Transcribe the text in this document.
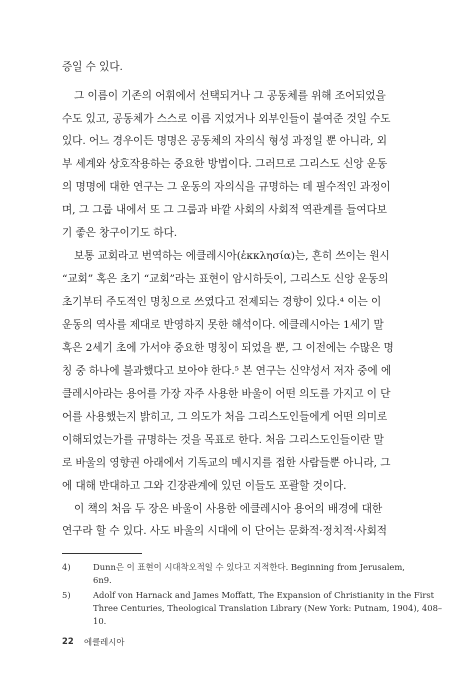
증일 수 있다.
그 이름이 기존의 어휘에서 선택되거나 그 공동체를 위해 조어되었을
수도 있고, 공동체가 스스로 이름 지었거나 외부인들이 붙여준 것일 수도
있다. 어느 경우이든 명명은 공동체의 자의식 형성 과정일 뿐 아니라, 외
부 세계와 상호작용하는 중요한 방법이다. 그러므로 그리스도 신앙 운동
의 명명에 대한 연구는 그 운동의 자의식을 규명하는 데 필수적인 과정이
며, 그 그룹 내에서 또 그 그룹과 바깥 사회의 사회적 역관계를 들여다보
기 좋은 창구이기도 하다.
보통 교회라고 번역하는 에클레시아(ἐκκλησία)는, 흔히 쓰이는 원시
“교회” 혹은 초기 “교회”라는 표현이 암시하듯이, 그리스도 신앙 운동의
초기부터 주도적인 명칭으로 쓰였다고 전제되는 경향이 있다.⁴ 이는 이
운동의 역사를 제대로 반영하지 못한 해석이다. 에클레시아는 1세기 말
혹은 2세기 초에 가서야 중요한 명칭이 되었을 뿐, 그 이전에는 수많은 명
칭 중 하나에 불과했다고 보아야 한다.⁵ 본 연구는 신약성서 저자 중에 에
클레시아라는 용어를 가장 자주 사용한 바울이 어떤 의도를 가지고 이 단
어를 사용했는지 밝히고, 그 의도가 처음 그리스도인들에게 어떤 의미로
이해되었는가를 규명하는 것을 목표로 한다. 처음 그리스도인들이란 말
로 바울의 영향권 아래에서 기독교의 메시지를 접한 사람들뿐 아니라, 그
에 대해 반대하고 그와 긴장관계에 있던 이들도 포괄할 것이다.
이 책의 처음 두 장은 바울이 사용한 에클레시아 용어의 배경에 대한
연구라 할 수 있다. 사도 바울의 시대에 이 단어는 문화적·정치적·사회적
4)	Dunn은 이 표현이 시대착오적일 수 있다고 지적한다. Beginning from Jerusalem,
6n9.
5)	Adolf von Harnack and James Moffatt, The Expansion of Christianity in the First
Three Centuries, Theological Translation Library (New York: Putnam, 1904), 408–
10.
22 에클레시아
